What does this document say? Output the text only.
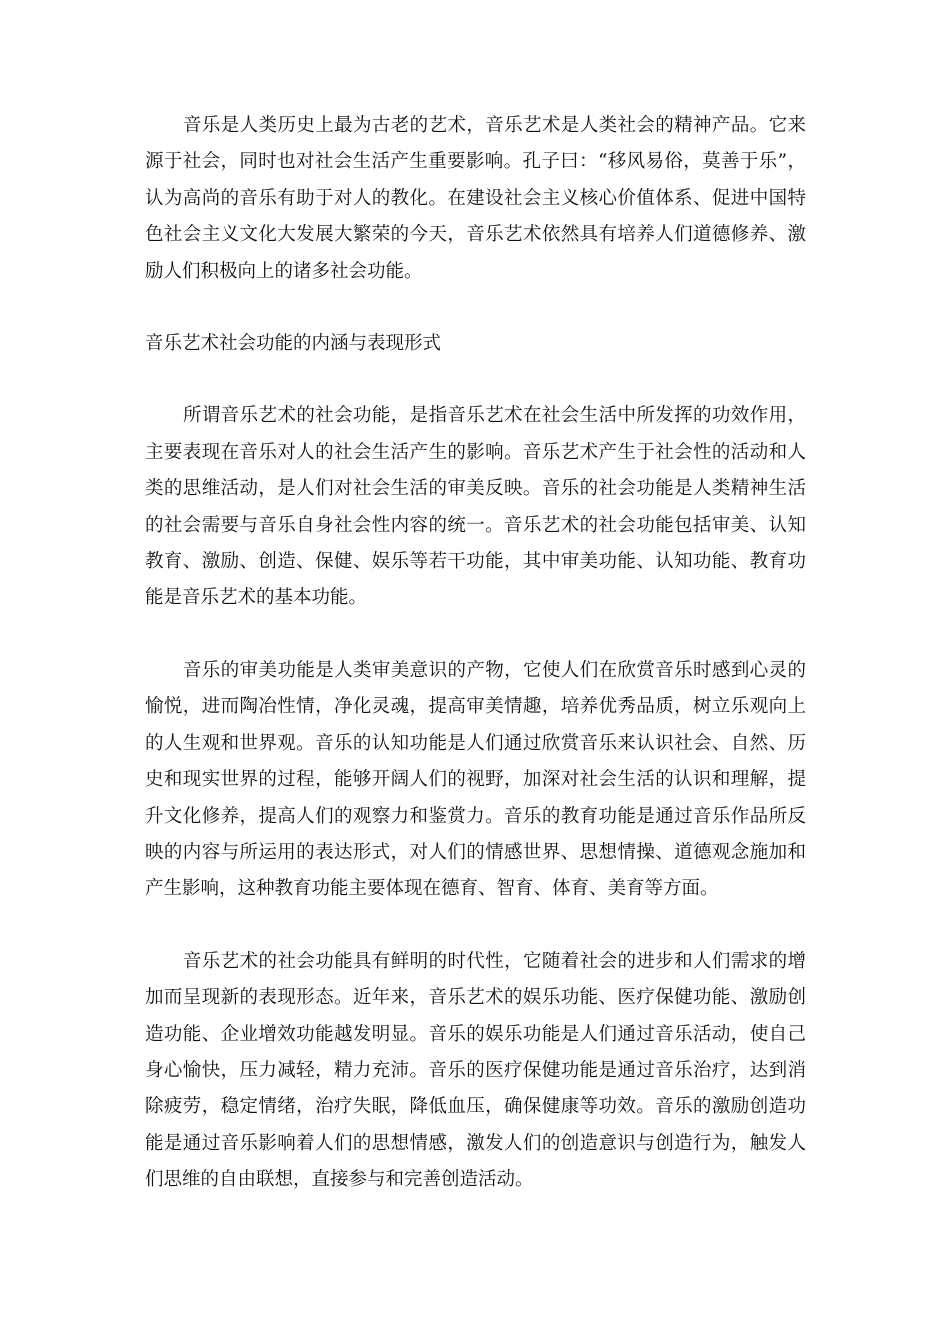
音乐是人类历史上最为古老的艺术，音乐艺术是人类社会的精神产品。它来源于社会，同时也对社会生活产生重要影响。孔子曰：“移风易俗，莫善于乐”，认为高尚的音乐有助于对人的教化。在建设社会主义核心价值体系、促进中国特色社会主义文化大发展大繁荣的今天，音乐艺术依然具有培养人们道德修养、激励人们积极向上的诸多社会功能。

音乐艺术社会功能的内涵与表现形式

所谓音乐艺术的社会功能，是指音乐艺术在社会生活中所发挥的功效作用，主要表现在音乐对人的社会生活产生的影响。音乐艺术产生于社会性的活动和人类的思维活动，是人们对社会生活的审美反映。音乐的社会功能是人类精神生活的社会需要与音乐自身社会性内容的统一。音乐艺术的社会功能包括审美、认知教育、激励、创造、保健、娱乐等若干功能，其中审美功能、认知功能、教育功能是音乐艺术的基本功能。

音乐的审美功能是人类审美意识的产物，它使人们在欣赏音乐时感到心灵的愉悦，进而陶冶性情，净化灵魂，提高审美情趣，培养优秀品质，树立乐观向上的人生观和世界观。音乐的认知功能是人们通过欣赏音乐来认识社会、自然、历史和现实世界的过程，能够开阔人们的视野，加深对社会生活的认识和理解，提升文化修养，提高人们的观察力和鉴赏力。音乐的教育功能是通过音乐作品所反映的内容与所运用的表达形式，对人们的情感世界、思想情操、道德观念施加和产生影响，这种教育功能主要体现在德育、智育、体育、美育等方面。

音乐艺术的社会功能具有鲜明的时代性，它随着社会的进步和人们需求的增加而呈现新的表现形态。近年来，音乐艺术的娱乐功能、医疗保健功能、激励创造功能、企业增效功能越发明显。音乐的娱乐功能是人们通过音乐活动，使自己身心愉快，压力减轻，精力充沛。音乐的医疗保健功能是通过音乐治疗，达到消除疲劳，稳定情绪，治疗失眠，降低血压，确保健康等功效。音乐的激励创造功能是通过音乐影响着人们的思想情感，激发人们的创造意识与创造行为，触发人们思维的自由联想，直接参与和完善创造活动。
